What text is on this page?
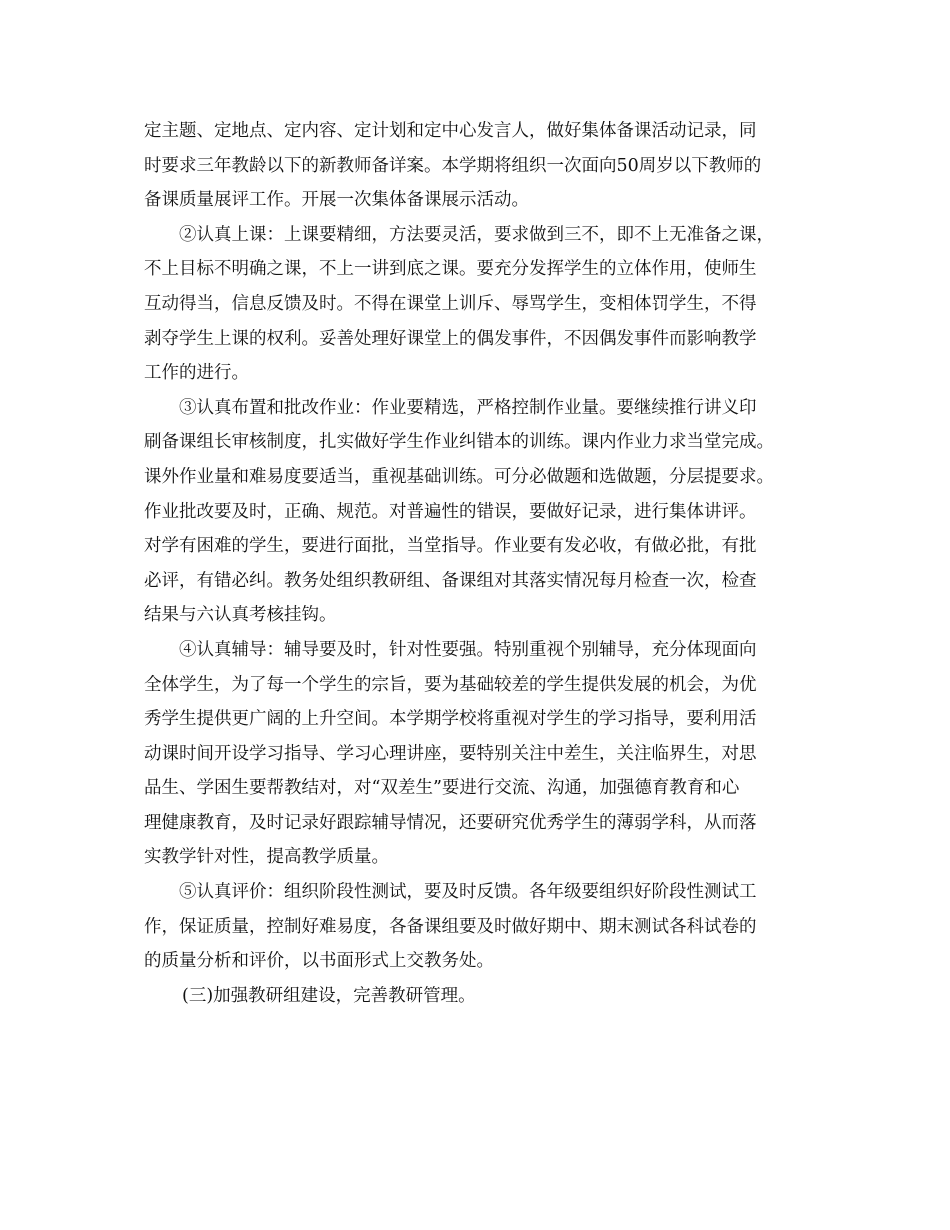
定主题、定地点、定内容、定计划和定中心发言人，做好集体备课活动记录，同
时要求三年教龄以下的新教师备详案。本学期将组织一次面向50周岁以下教师的
备课质量展评工作。开展一次集体备课展示活动。
②认真上课：上课要精细，方法要灵活，要求做到三不，即不上无准备之课，
不上目标不明确之课，不上一讲到底之课。要充分发挥学生的立体作用，使师生
互动得当，信息反馈及时。不得在课堂上训斥、辱骂学生，变相体罚学生，不得
剥夺学生上课的权利。妥善处理好课堂上的偶发事件，不因偶发事件而影响教学
工作的进行。
③认真布置和批改作业：作业要精选，严格控制作业量。要继续推行讲义印
刷备课组长审核制度，扎实做好学生作业纠错本的训练。课内作业力求当堂完成。
课外作业量和难易度要适当，重视基础训练。可分必做题和选做题，分层提要求。
作业批改要及时，正确、规范。对普遍性的错误，要做好记录，进行集体讲评。
对学有困难的学生，要进行面批，当堂指导。作业要有发必收，有做必批，有批
必评，有错必纠。教务处组织教研组、备课组对其落实情况每月检查一次，检查
结果与六认真考核挂钩。
④认真辅导：辅导要及时，针对性要强。特别重视个别辅导，充分体现面向
全体学生，为了每一个学生的宗旨，要为基础较差的学生提供发展的机会，为优
秀学生提供更广阔的上升空间。本学期学校将重视对学生的学习指导，要利用活
动课时间开设学习指导、学习心理讲座，要特别关注中差生，关注临界生，对思
品生、学困生要帮教结对，对“双差生”要进行交流、沟通，加强德育教育和心
理健康教育，及时记录好跟踪辅导情况，还要研究优秀学生的薄弱学科，从而落
实教学针对性，提高教学质量。
⑤认真评价：组织阶段性测试，要及时反馈。各年级要组织好阶段性测试工
作，保证质量，控制好难易度，各备课组要及时做好期中、期末测试各科试卷的
的质量分析和评价，以书面形式上交教务处。
(三)加强教研组建设，完善教研管理。
